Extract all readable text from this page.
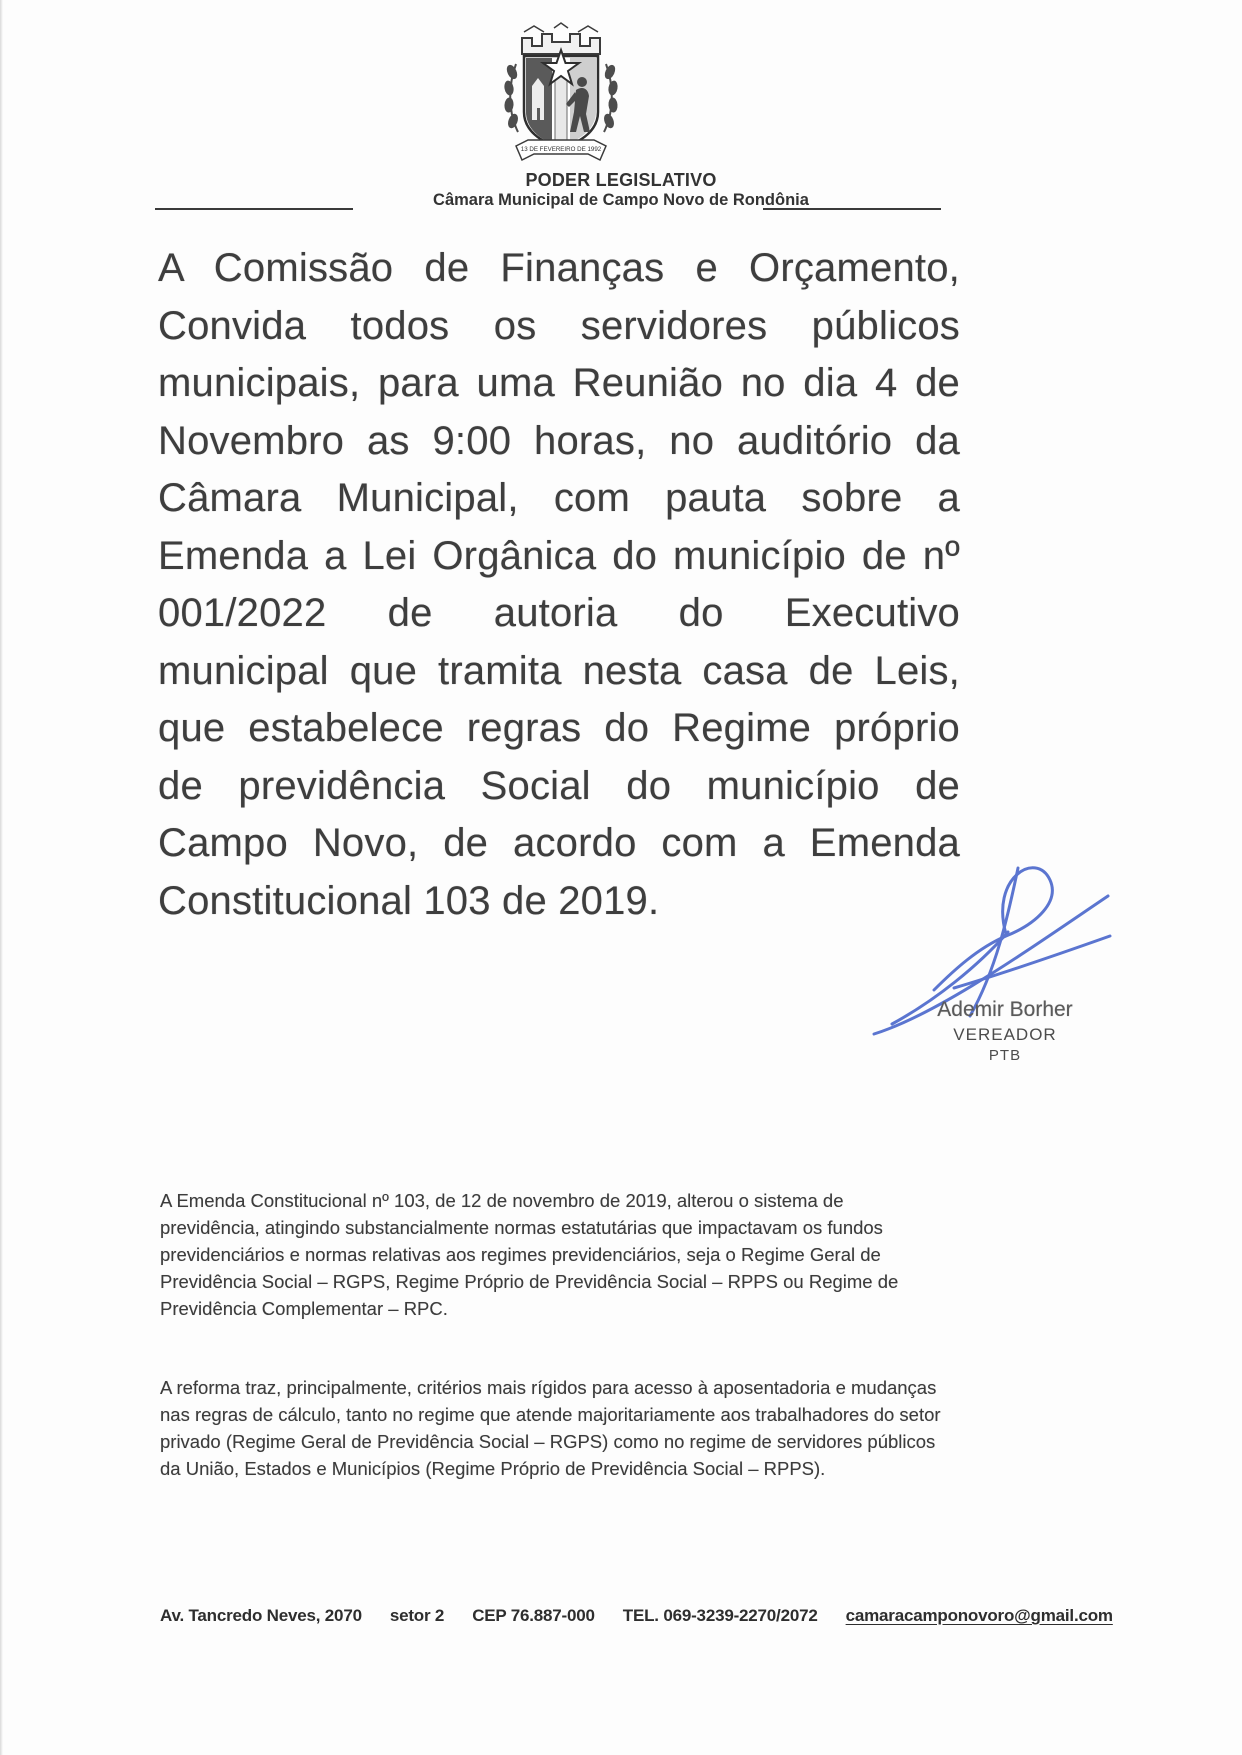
13 DE FEVEREIRO DE 1992
PODER LEGISLATIVO
Câmara Municipal de Campo Novo de Rondônia
A Comissão de Finanças e Orçamento,
Convida todos os servidores públicos
municipais, para uma Reunião no dia 4 de
Novembro as 9:00 horas, no auditório da
Câmara Municipal, com pauta sobre a
Emenda a Lei Orgânica do município de nº
001/2022 de autoria do Executivo
municipal que tramita nesta casa de Leis,
que estabelece regras do Regime próprio
de previdência Social do município de
Campo Novo, de acordo com a Emenda
Constitucional 103 de 2019.
Ademir Borher
VEREADOR
PTB
A Emenda Constitucional nº 103, de 12 de novembro de 2019, alterou o sistema de
previdência, atingindo substancialmente normas estatutárias que impactavam os fundos
previdenciários e normas relativas aos regimes previdenciários, seja o Regime Geral de
Previdência Social – RGPS, Regime Próprio de Previdência Social – RPPS ou Regime de
Previdência Complementar – RPC.
A reforma traz, principalmente, critérios mais rígidos para acesso à aposentadoria e mudanças
nas regras de cálculo, tanto no regime que atende majoritariamente aos trabalhadores do setor
privado (Regime Geral de Previdência Social – RGPS) como no regime de servidores públicos
da União, Estados e Municípios (Regime Próprio de Previdência Social – RPPS).
Av. Tancredo Neves, 2070 setor 2 CEP 76.887-000 TEL. 069-3239-2270/2072 camaracamponovoro@gmail.com
